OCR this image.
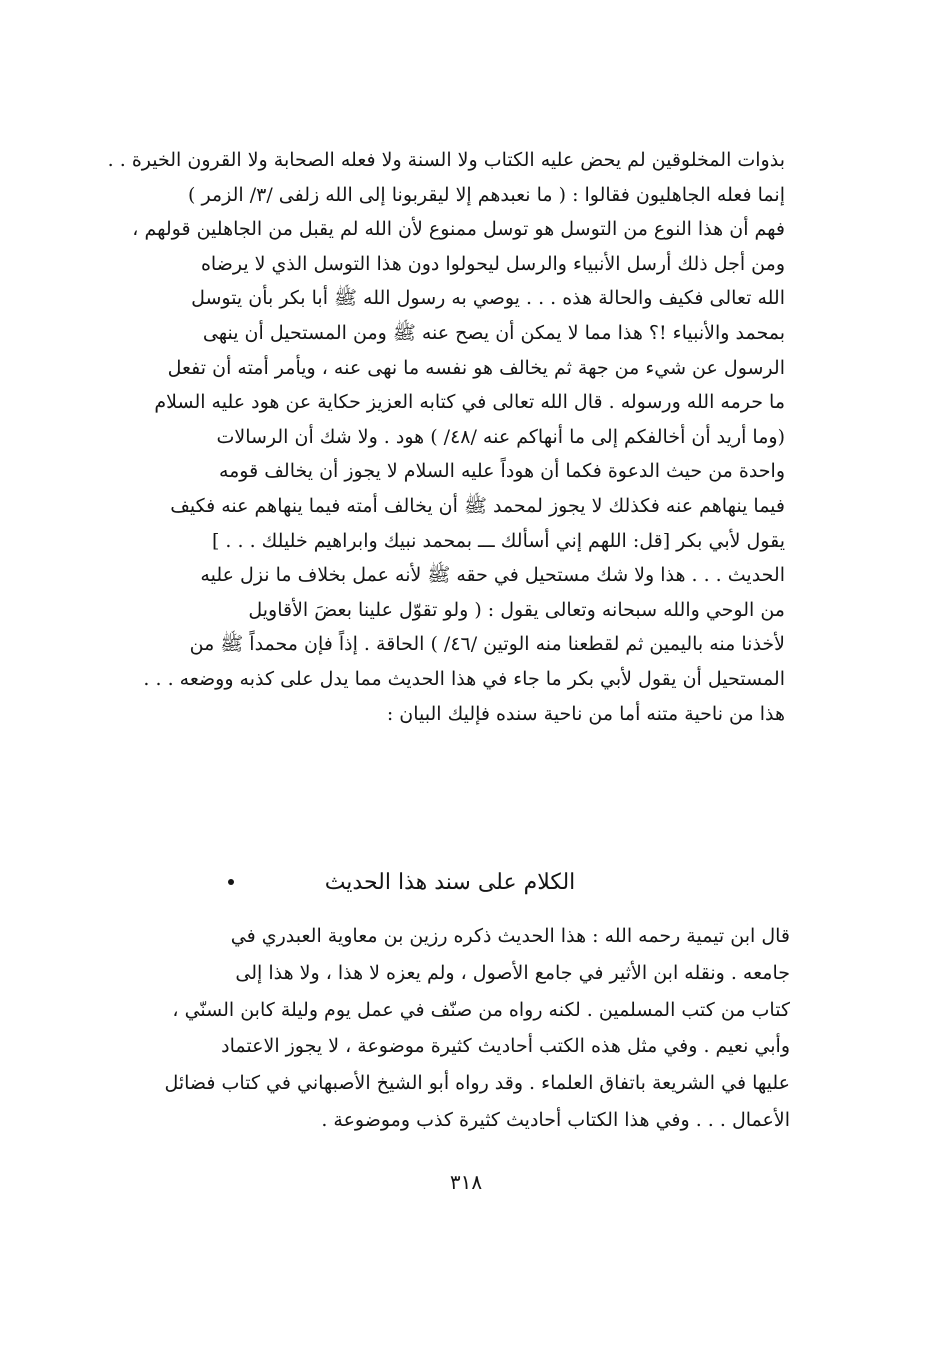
بذوات المخلوقين لم يحض عليه الكتاب ولا السنة ولا فعله الصحابة ولا القرون الخيرة . .
إنما فعله الجاهليون فقالوا : ( ما نعبدهم إلا ليقربونا إلى الله زلفى /٣/ الزمر )
فهم أن هذا النوع من التوسل هو توسل ممنوع لأن الله لم يقبل من الجاهلين قولهم ،
ومن أجل ذلك أرسل الأنبياء والرسل ليحولوا دون هذا التوسل الذي لا يرضاه
الله تعالى فكيف والحالة هذه . . . يوصي به رسول الله ﷺ أبا بكر بأن يتوسل
بمحمد والأنبياء !؟ هذا مما لا يمكن أن يصح عنه ﷺ ومن المستحيل أن ينهى
الرسول عن شيء من جهة ثم يخالف هو نفسه ما نهى عنه ، ويأمر أمته أن تفعل
ما حرمه الله ورسوله . قال الله تعالى في كتابه العزيز حكاية عن هود عليه السلام
(وما أريد أن أخالفكم إلى ما أنهاكم عنه /٤٨/ ) هود . ولا شك أن الرسالات
واحدة من حيث الدعوة فكما أن هوداً عليه السلام لا يجوز أن يخالف قومه
فيما ينهاهم عنه فكذلك لا يجوز لمحمد ﷺ أن يخالف أمته فيما ينهاهم عنه فكيف
يقول لأبي بكر [قل: اللهم إني أسألك ـــ بمحمد نبيك وابراهيم خليلك . . . ]
الحديث . . . هذا ولا شك مستحيل في حقه ﷺ لأنه عمل بخلاف ما نزل عليه
من الوحي والله سبحانه وتعالى يقول : ( ولو تقوّل علينا بعضَ الأقاويل
لأخذنا منه باليمين ثم لقطعنا منه الوتين /٤٦/ ) الحاقة . إذاً فإن محمداً ﷺ من
المستحيل أن يقول لأبي بكر ما جاء في هذا الحديث مما يدل على كذبه ووضعه . . .
هذا من ناحية متنه أما من ناحية سنده فإليك البيان :
الكلام على سند هذا الحديث
قال ابن تيمية رحمه الله : هذا الحديث ذكره رزين بن معاوية العبدري في
جامعه . ونقله ابن الأثير في جامع الأصول ، ولم يعزه لا هذا ، ولا هذا إلى
كتاب من كتب المسلمين . لكنه رواه من صنّف في عمل يوم وليلة كابن السنّي ،
وأبي نعيم . وفي مثل هذه الكتب أحاديث كثيرة موضوعة ، لا يجوز الاعتماد
عليها في الشريعة باتفاق العلماء . وقد رواه أبو الشيخ الأصبهاني في كتاب فضائل
الأعمال . . . وفي هذا الكتاب أحاديث كثيرة كذب وموضوعة .
٣١٨
